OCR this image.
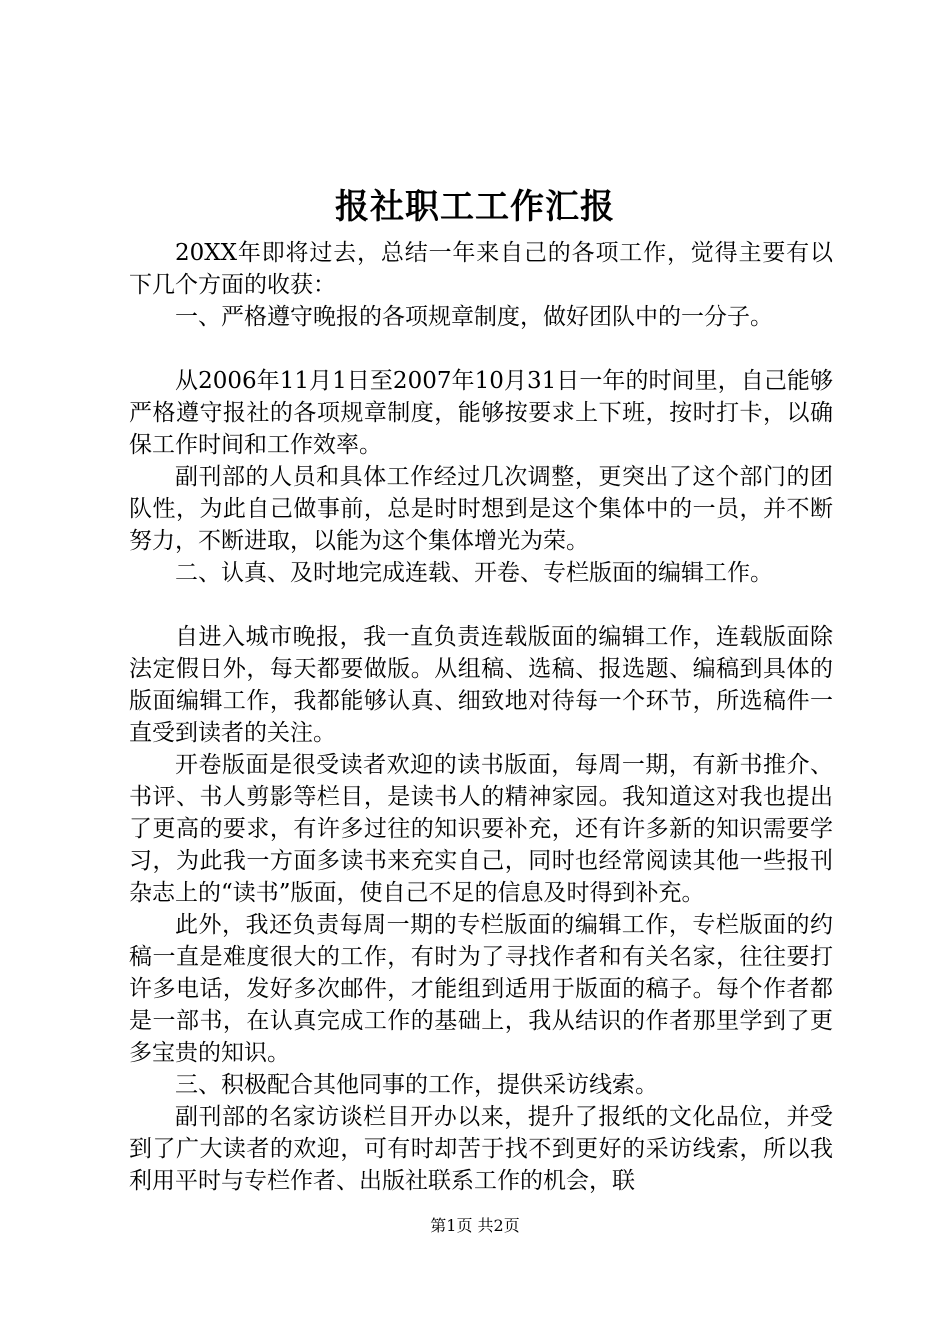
报社职工工作汇报

20XX年即将过去，总结一年来自己的各项工作，觉得主要有以下几个方面的收获：

一、严格遵守晚报的各项规章制度，做好团队中的一分子。

从2006年11月1日至2007年10月31日一年的时间里，自己能够严格遵守报社的各项规章制度，能够按要求上下班，按时打卡，以确保工作时间和工作效率。

副刊部的人员和具体工作经过几次调整，更突出了这个部门的团队性，为此自己做事前，总是时时想到是这个集体中的一员，并不断努力，不断进取，以能为这个集体增光为荣。

二、认真、及时地完成连载、开卷、专栏版面的编辑工作。

自进入城市晚报，我一直负责连载版面的编辑工作，连载版面除法定假日外，每天都要做版。从组稿、选稿、报选题、编稿到具体的版面编辑工作，我都能够认真、细致地对待每一个环节，所选稿件一直受到读者的关注。

开卷版面是很受读者欢迎的读书版面，每周一期，有新书推介、书评、书人剪影等栏目，是读书人的精神家园。我知道这对我也提出了更高的要求，有许多过往的知识要补充，还有许多新的知识需要学习，为此我一方面多读书来充实自己，同时也经常阅读其他一些报刊杂志上的“读书”版面，使自己不足的信息及时得到补充。

此外，我还负责每周一期的专栏版面的编辑工作，专栏版面的约稿一直是难度很大的工作，有时为了寻找作者和有关名家，往往要打许多电话，发好多次邮件，才能组到适用于版面的稿子。每个作者都是一部书，在认真完成工作的基础上，我从结识的作者那里学到了更多宝贵的知识。

三、积极配合其他同事的工作，提供采访线索。

副刊部的名家访谈栏目开办以来，提升了报纸的文化品位，并受到了广大读者的欢迎，可有时却苦于找不到更好的采访线索，所以我利用平时与专栏作者、出版社联系工作的机会，联

第1页 共2页
